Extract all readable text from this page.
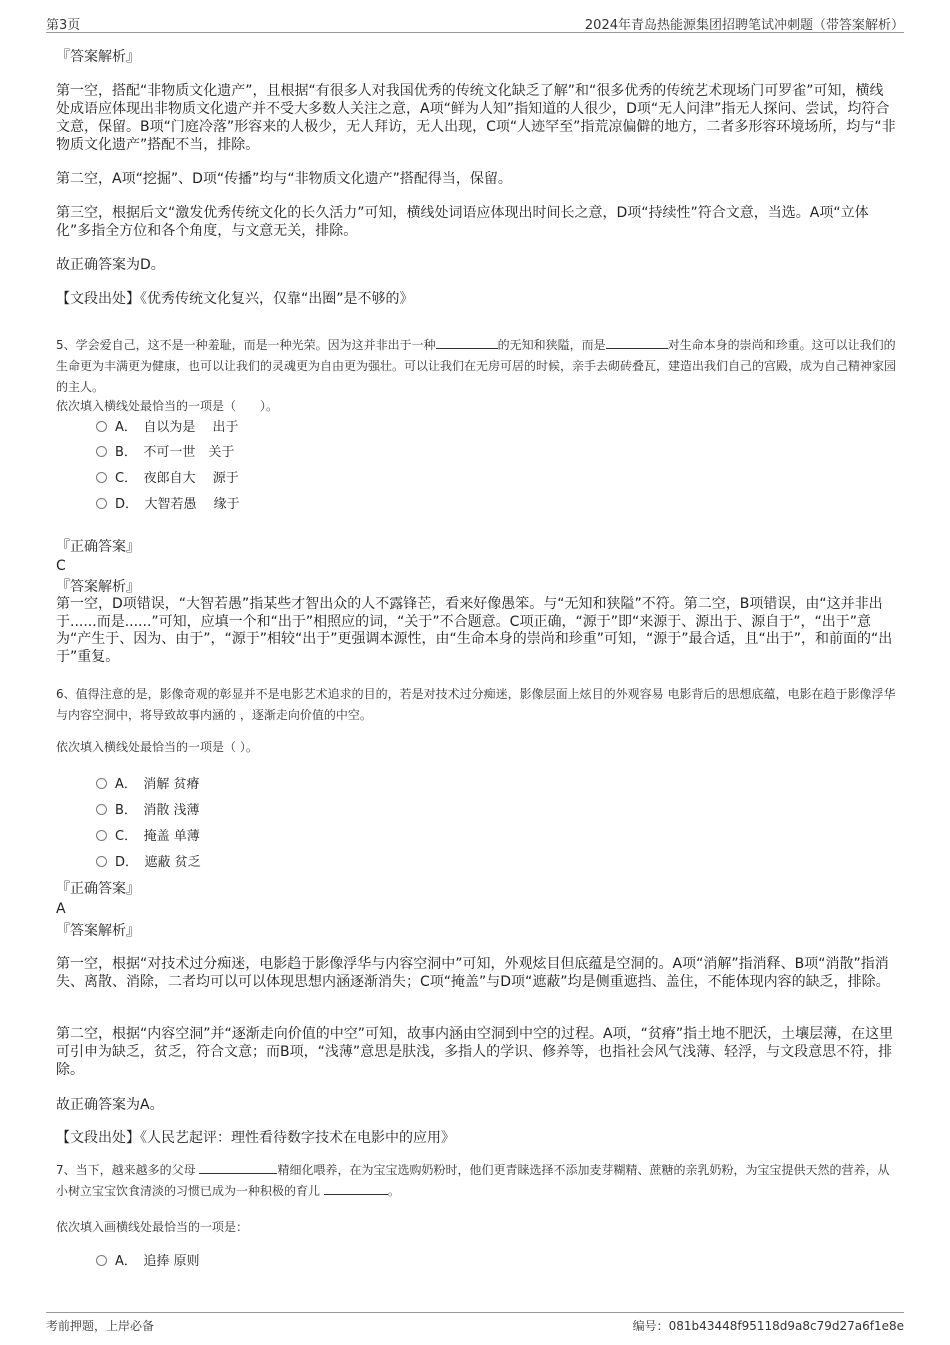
第3页	2024年青岛热能源集团招聘笔试冲刺题（带答案解析）

『答案解析』

第一空，搭配“非物质文化遗产”，且根据“有很多人对我国优秀的传统文化缺乏了解”和“很多优秀的传统艺术现场门可罗雀”可知，横线处成语应体现出非物质文化遗产并不受大多数人关注之意，A项“鲜为人知”指知道的人很少，D项“无人问津”指无人探问、尝试，均符合文意，保留。B项“门庭冷落”形容来的人极少，无人拜访，无人出现，C项“人迹罕至”指荒凉偏僻的地方，二者多形容环境场所，均与“非物质文化遗产”搭配不当，排除。

第二空，A项“挖掘”、D项“传播”均与“非物质文化遗产”搭配得当，保留。

第三空，根据后文“激发优秀传统文化的长久活力”可知，横线处词语应体现出时间长之意，D项“持续性”符合文意，当选。A项“立体化”多指全方位和各个角度，与文意无关，排除。

故正确答案为D。

【文段出处】《优秀传统文化复兴，仅靠“出圈”是不够的》

5、学会爱自己，这不是一种羞耻，而是一种光荣。因为这并非出于一种	的无知和狭隘，而是	对生命本身的崇尚和珍重。这可以让我们的生命更为丰满更为健康，也可以让我们的灵魂更为自由更为强壮。可以让我们在无房可居的时候，亲手去砌砖叠瓦，建造出我们自己的宫殿，成为自己精神家园的主人。

依次填入横线处最恰当的一项是（　　）。

A．　自以为是　 出于
B．　不可一世　关于
C．　夜郎自大　 源于
D．　大智若愚　 缘于

『正确答案』

C

『答案解析』

第一空，D项错误，“大智若愚”指某些才智出众的人不露锋芒，看来好像愚笨。与“无知和狭隘”不符。第二空，B项错误，由“这并非出于......而是......”可知，应填一个和“出于”相照应的词，“关于”不合题意。C项正确，“源于”即“来源于、源出于、源自于”，“出于”意为“产生于、因为、由于”，“源于”相较“出于”更强调本源性，由“生命本身的崇尚和珍重”可知，“源于”最合适，且“出于”，和前面的“出于”重复。

6、值得注意的是，影像奇观的彰显并不是电影艺术追求的目的，若是对技术过分痴迷，影像层面上炫目的外观容易 电影背后的思想底蕴，电影在趋于影像浮华与内容空洞中，将导致故事内涵的 ，逐渐走向价值的中空。

依次填入横线处最恰当的一项是（ ）。

A．　消解 贫瘠
B．　消散 浅薄
C．　掩盖 单薄
D．　遮蔽 贫乏

『正确答案』

A

『答案解析』

第一空，根据“对技术过分痴迷，电影趋于影像浮华与内容空洞中”可知，外观炫目但底蕴是空洞的。A项“消解”指消释、B项“消散”指消失、离散、消除，二者均可以可以体现思想内涵逐渐消失；C项“掩盖”与D项“遮蔽”均是侧重遮挡、盖住，不能体现内容的缺乏，排除。

第二空，根据“内容空洞”并“逐渐走向价值的中空”可知，故事内涵由空洞到中空的过程。A项，“贫瘠”指土地不肥沃，土壤层薄，在这里可引申为缺乏，贫乏，符合文意；而B项，“浅薄”意思是肤浅，多指人的学识、修养等，也指社会风气浅薄、轻浮，与文段意思不符，排除。

故正确答案为A。

【文段出处】《人民艺起评：理性看待数字技术在电影中的应用》

7、当下，越来越多的父母	精细化喂养，在为宝宝选购奶粉时，他们更青睐选择不添加麦芽糊精、蔗糖的亲乳奶粉，为宝宝提供天然的营养，从小树立宝宝饮食清淡的习惯已成为一种积极的育儿	。

依次填入画横线处最恰当的一项是：

A．　追捧 原则
考前押题，上岸必备	编号：081b43448f95118d9a8c79d27a6f1e8e
